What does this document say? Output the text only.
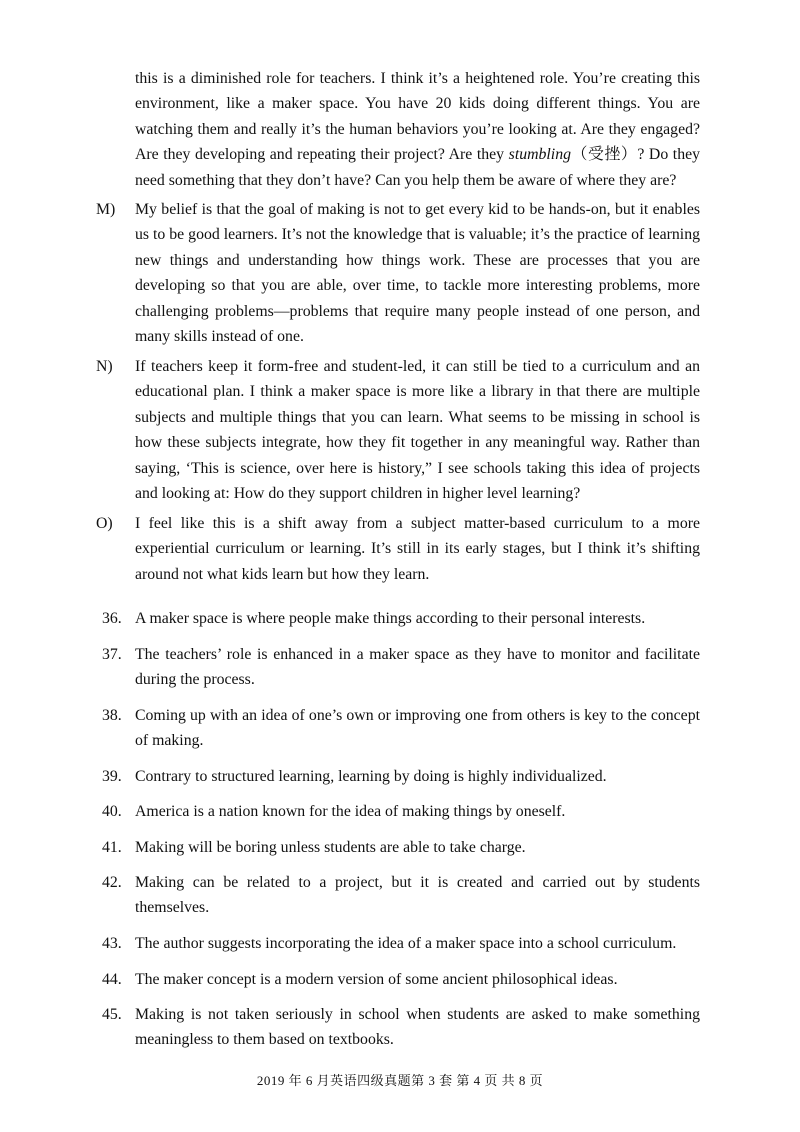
this is a diminished role for teachers. I think it’s a heightened role. You’re creating this environment, like a maker space. You have 20 kids doing different things. You are watching them and really it’s the human behaviors you’re looking at. Are they engaged? Are they developing and repeating their project? Are they stumbling（受挫）? Do they need something that they don’t have? Can you help them be aware of where they are?
M) My belief is that the goal of making is not to get every kid to be hands-on, but it enables us to be good learners. It’s not the knowledge that is valuable; it’s the practice of learning new things and understanding how things work. These are processes that you are developing so that you are able, over time, to tackle more interesting problems, more challenging problems—problems that require many people instead of one person, and many skills instead of one.
N) If teachers keep it form-free and student-led, it can still be tied to a curriculum and an educational plan. I think a maker space is more like a library in that there are multiple subjects and multiple things that you can learn. What seems to be missing in school is how these subjects integrate, how they fit together in any meaningful way. Rather than saying, ‘This is science, over here is history,” I see schools taking this idea of projects and looking at: How do they support children in higher level learning?
O) I feel like this is a shift away from a subject matter-based curriculum to a more experiential curriculum or learning. It’s still in its early stages, but I think it’s shifting around not what kids learn but how they learn.
36. A maker space is where people make things according to their personal interests.
37. The teachers’ role is enhanced in a maker space as they have to monitor and facilitate during the process.
38. Coming up with an idea of one’s own or improving one from others is key to the concept of making.
39. Contrary to structured learning, learning by doing is highly individualized.
40. America is a nation known for the idea of making things by oneself.
41. Making will be boring unless students are able to take charge.
42. Making can be related to a project, but it is created and carried out by students themselves.
43. The author suggests incorporating the idea of a maker space into a school curriculum.
44. The maker concept is a modern version of some ancient philosophical ideas.
45. Making is not taken seriously in school when students are asked to make something meaningless to them based on textbooks.
2019 年 6 月英语四级真题第 3 套 第 4 页 共 8 页
